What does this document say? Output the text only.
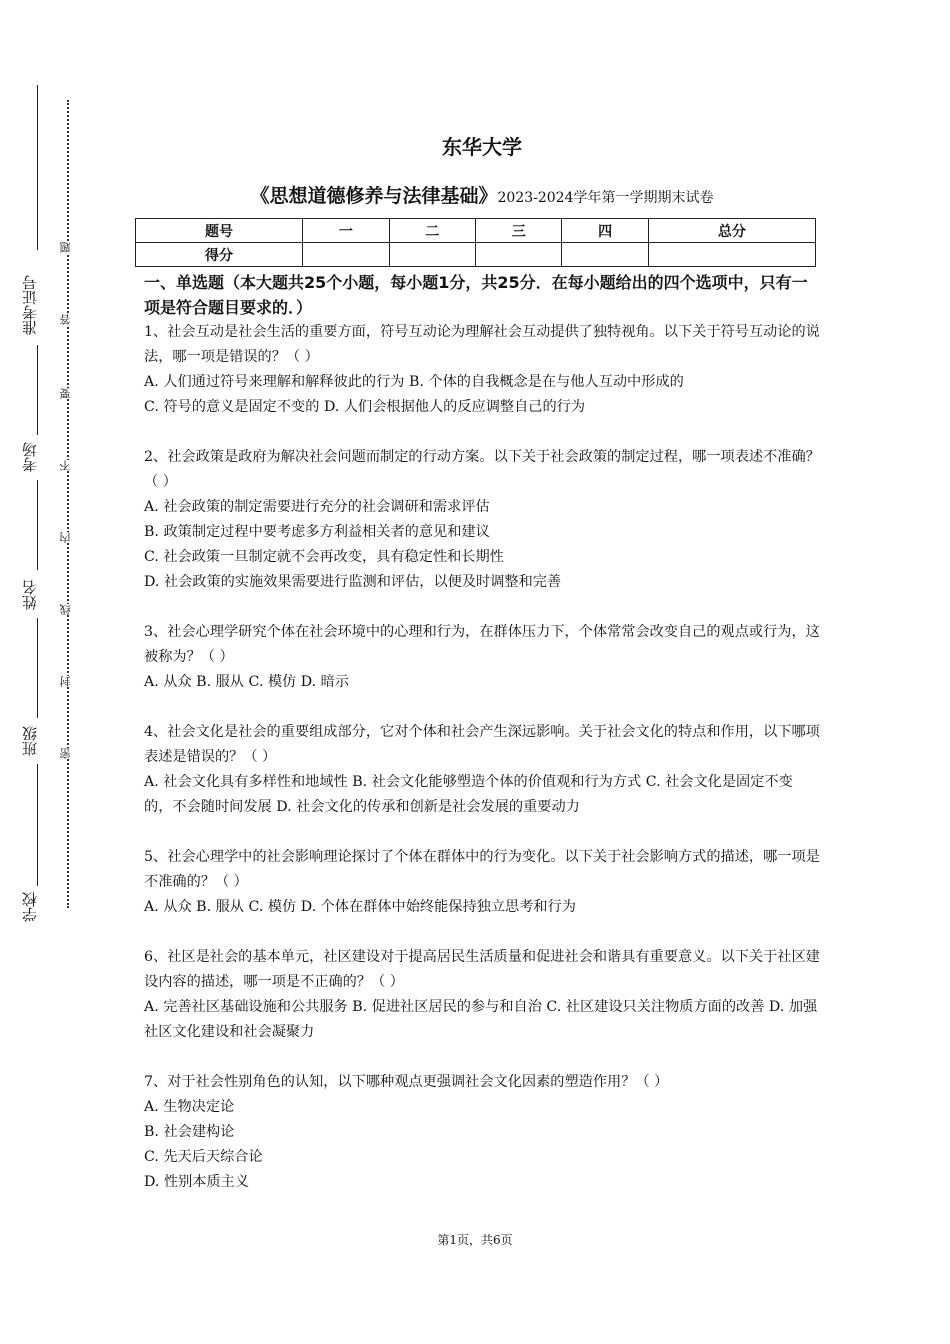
准考证号
考场
姓名
班级
学校
题
答
要
不
内
线
封
密
东华大学
《思想道德修养与法律基础》2023-2024学年第一学期期末试卷
题号	一	二	三	四	总分
得分					

一、单选题（本大题共25个小题，每小题1分，共25分．在每小题给出的四个选项中，只有一项是符合题目要求的．）

1、社会互动是社会生活的重要方面，符号互动论为理解社会互动提供了独特视角。以下关于符号互动论的说法，哪一项是错误的？（ ）

A. 人们通过符号来理解和解释彼此的行为 B. 个体的自我概念是在与他人互动中形成的

C. 符号的意义是固定不变的 D. 人们会根据他人的反应调整自己的行为

2、社会政策是政府为解决社会问题而制定的行动方案。以下关于社会政策的制定过程，哪一项表述不准确？（ ）

A. 社会政策的制定需要进行充分的社会调研和需求评估

B. 政策制定过程中要考虑多方利益相关者的意见和建议

C. 社会政策一旦制定就不会再改变，具有稳定性和长期性

D. 社会政策的实施效果需要进行监测和评估，以便及时调整和完善

3、社会心理学研究个体在社会环境中的心理和行为，在群体压力下，个体常常会改变自己的观点或行为，这被称为？（ ）

A. 从众 B. 服从 C. 模仿 D. 暗示

4、社会文化是社会的重要组成部分，它对个体和社会产生深远影响。关于社会文化的特点和作用，以下哪项表述是错误的？（ ）

A. 社会文化具有多样性和地域性 B. 社会文化能够塑造个体的价值观和行为方式 C. 社会文化是固定不变的，不会随时间发展 D. 社会文化的传承和创新是社会发展的重要动力

5、社会心理学中的社会影响理论探讨了个体在群体中的行为变化。以下关于社会影响方式的描述，哪一项是不准确的？（ ）

A. 从众 B. 服从 C. 模仿 D. 个体在群体中始终能保持独立思考和行为

6、社区是社会的基本单元，社区建设对于提高居民生活质量和促进社会和谐具有重要意义。以下关于社区建设内容的描述，哪一项是不正确的？（ ）

A. 完善社区基础设施和公共服务 B. 促进社区居民的参与和自治 C. 社区建设只关注物质方面的改善 D. 加强社区文化建设和社会凝聚力

7、对于社会性别角色的认知，以下哪种观点更强调社会文化因素的塑造作用？（ ）

A. 生物决定论

B. 社会建构论

C. 先天后天综合论

D. 性别本质主义

第1页，共6页
